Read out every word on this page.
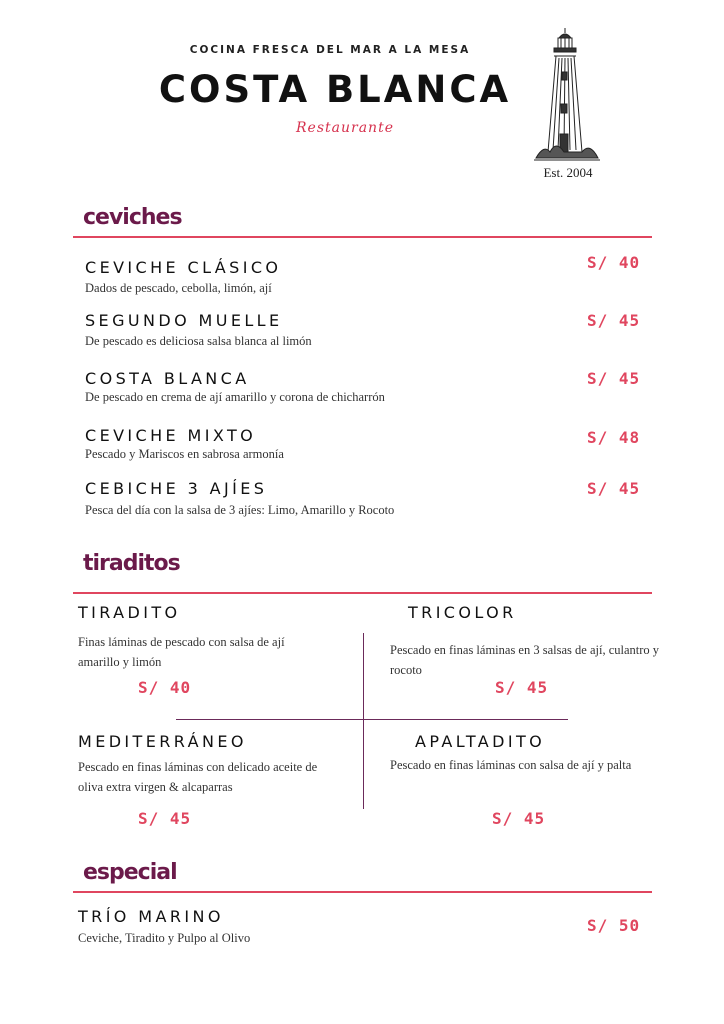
COCINA FRESCA DEL MAR A LA MESA
COSTA BLANCA
Restaurante
Est. 2004
ceviches
CEVICHE CLÁSICO
Dados de pescado, cebolla, limón, ají
S/ 40
SEGUNDO MUELLE
De pescado es deliciosa salsa blanca al limón
S/ 45
COSTA BLANCA
De pescado en crema de ají amarillo y corona de chicharrón
S/ 45
CEVICHE MIXTO
Pescado y Mariscos en sabrosa armonía
S/ 48
CEBICHE 3 AJÍES
Pesca del día con la salsa de 3 ajíes: Limo, Amarillo y Rocoto
S/ 45
tiraditos
TIRADITO
Finas láminas de pescado con salsa de ají amarillo y limón
S/ 40
TRICOLOR
Pescado en finas láminas en 3 salsas de ají, culantro y rocoto
S/ 45
MEDITERRÁNEO
Pescado en finas láminas con delicado aceite de oliva extra virgen & alcaparras
S/ 45
APALTADITO
Pescado en finas láminas con salsa de ají y palta
S/ 45
especial
TRÍO MARINO
Ceviche, Tiradito y Pulpo al Olivo
S/ 50
